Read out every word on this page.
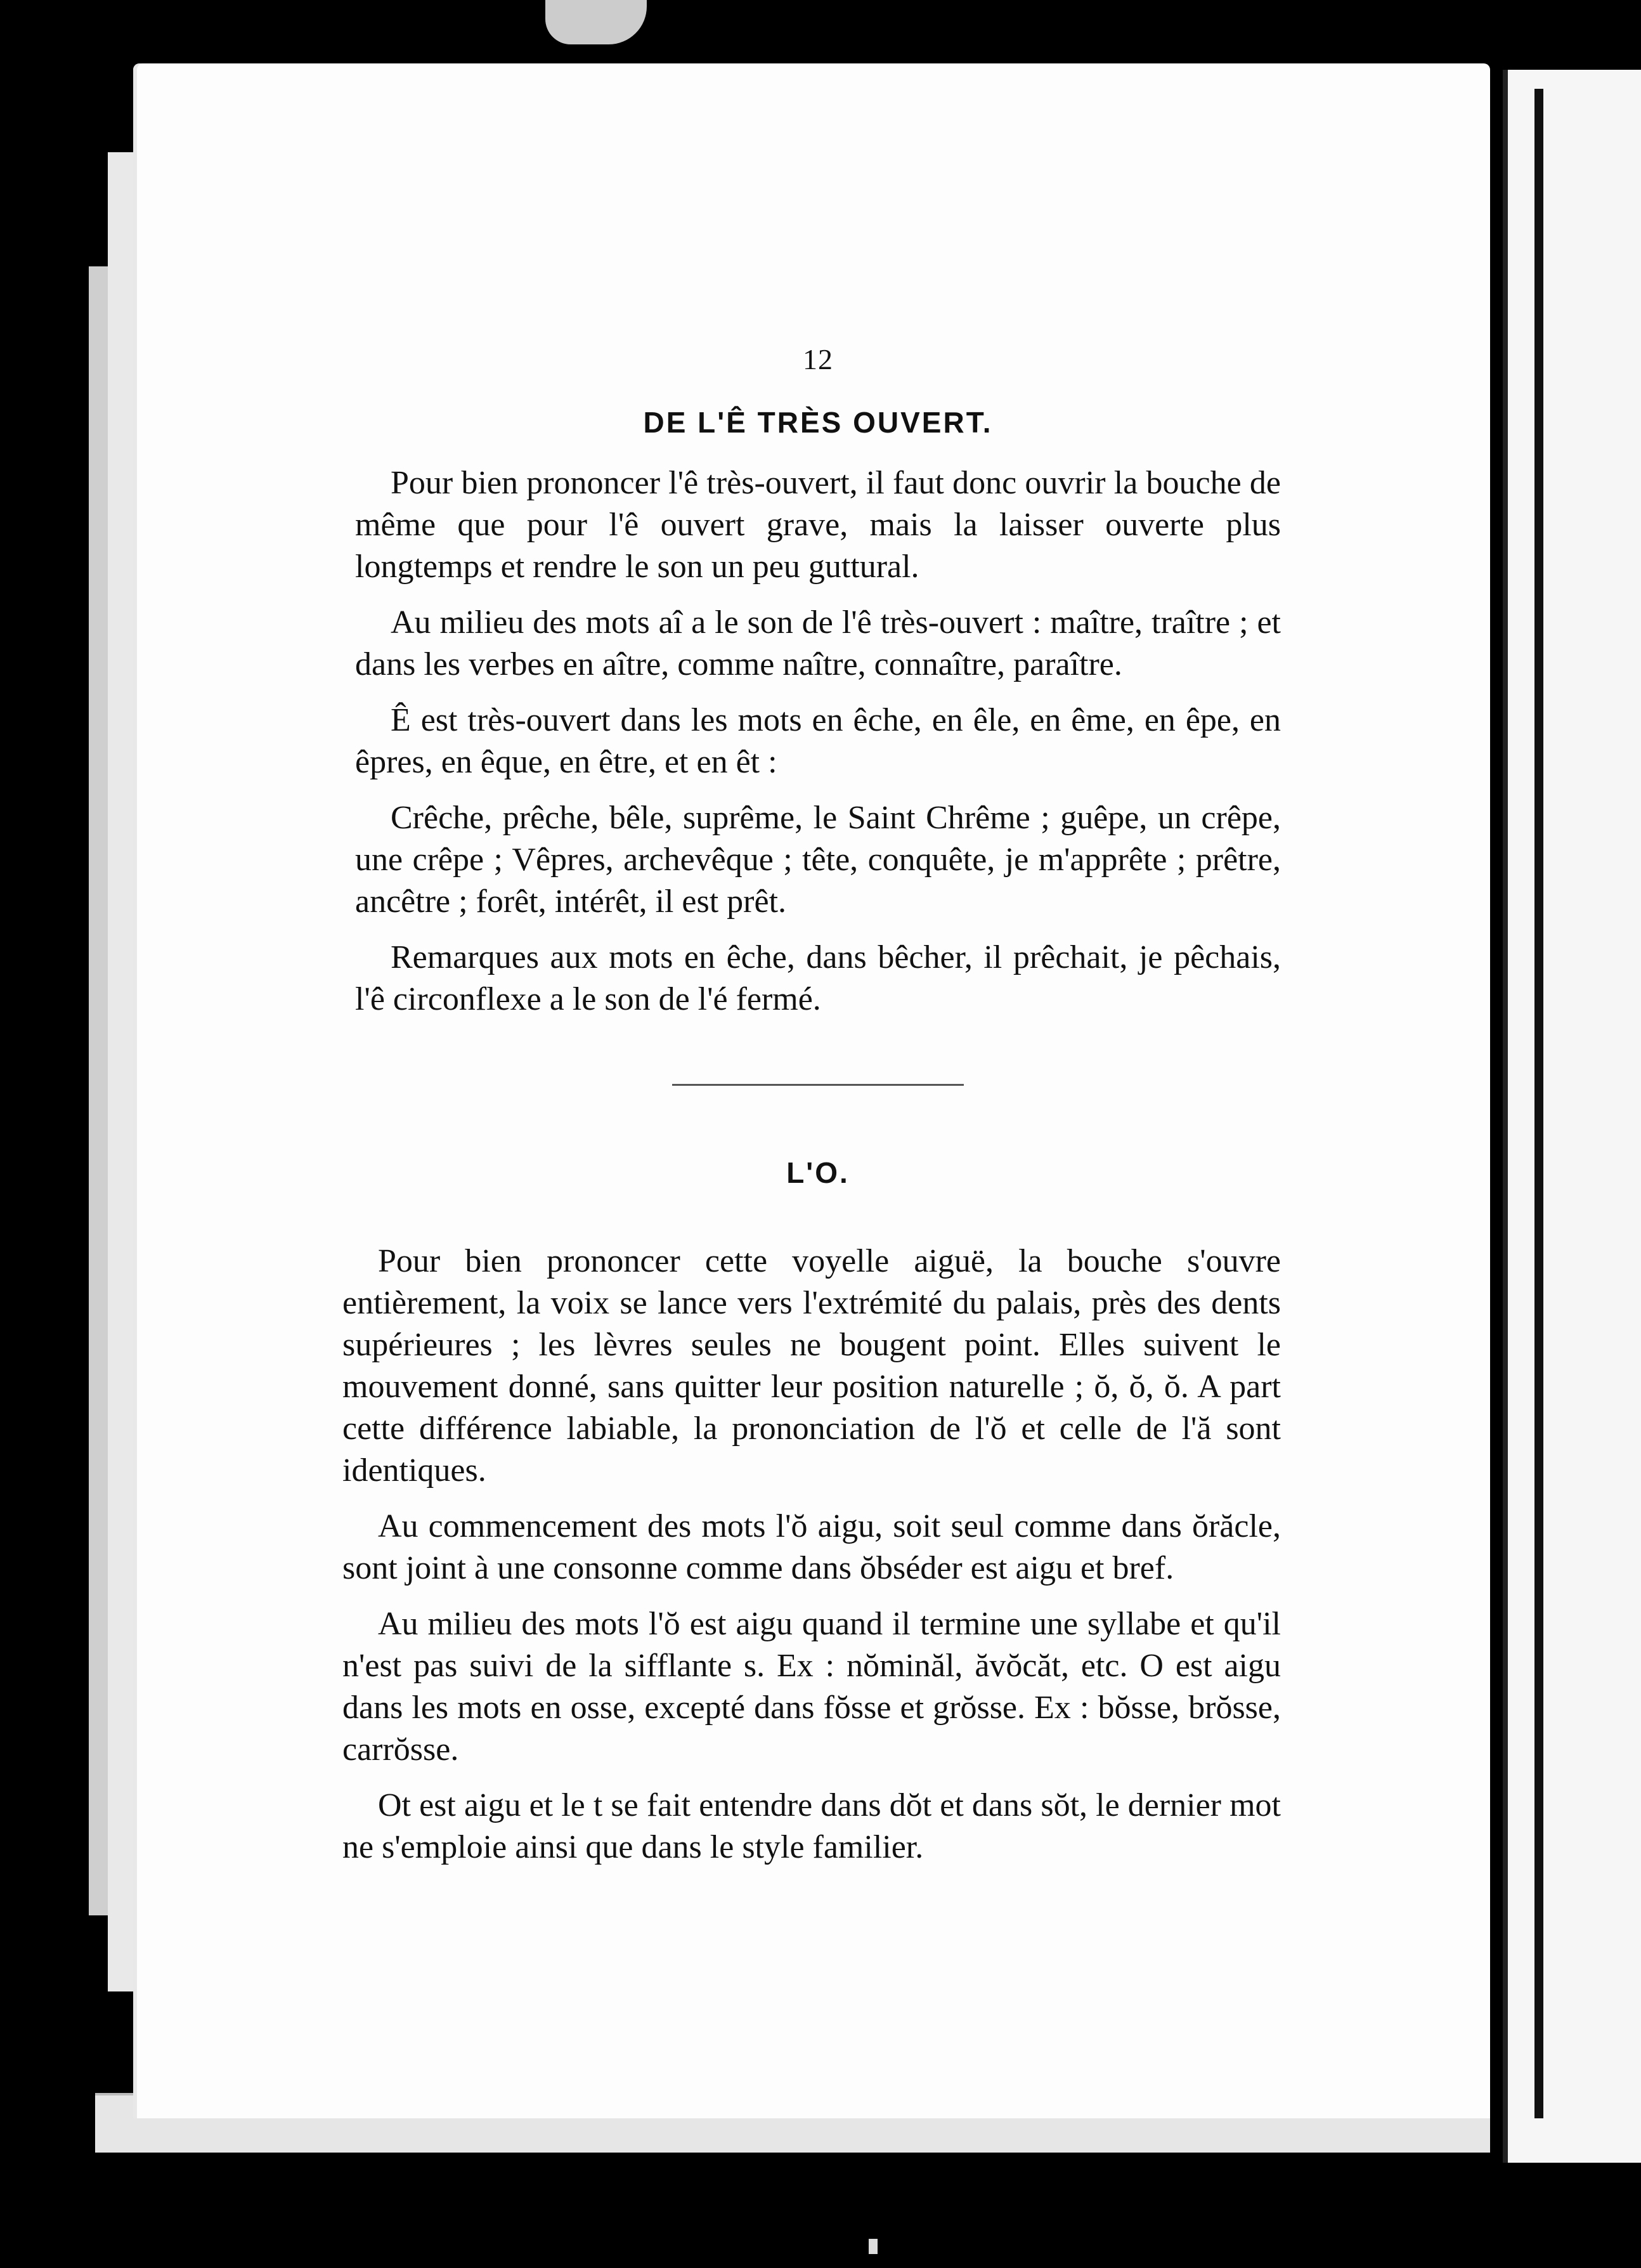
12
DE L'Ê TRÈS OUVERT.

Pour bien prononcer l'ê très-ouvert, il faut donc ouvrir la bouche de même que pour l'ê ouvert grave, mais la laisser ouverte plus longtemps et rendre le son un peu guttural.

Au milieu des mots aî a le son de l'ê très-ouvert : maître, traître ; et dans les verbes en aître, comme naître, connaître, paraître.

Ê est très-ouvert dans les mots en êche, en êle, en ême, en êpe, en êpres, en êque, en être, et en êt :

Crêche, prêche, bêle, suprême, le Saint Chrême ; guêpe, un crêpe, une crêpe ; Vêpres, archevêque ; tête, conquête, je m'apprête ; prêtre, ancêtre ; forêt, intérêt, il est prêt.

Remarques aux mots en êche, dans bêcher, il prêchait, je pêchais, l'ê circonflexe a le son de l'é fermé.

L'O.

Pour bien prononcer cette voyelle aiguë, la bouche s'ouvre entièrement, la voix se lance vers l'extrémité du palais, près des dents supérieures ; les lèvres seules ne bougent point. Elles suivent le mouvement donné, sans quitter leur position naturelle ; ŏ, ŏ, ŏ. A part cette différence labiable, la prononciation de l'ŏ et celle de l'ă sont identiques.

Au commencement des mots l'ŏ aigu, soit seul comme dans ŏrăcle, sont joint à une consonne comme dans ŏbséder est aigu et bref.

Au milieu des mots l'ŏ est aigu quand il termine une syllabe et qu'il n'est pas suivi de la sifflante s. Ex : nŏminăl, ăvŏcăt, etc. O est aigu dans les mots en osse, excepté dans fŏsse et grŏsse. Ex : bŏsse, brŏsse, carrŏsse.

Ot est aigu et le t se fait entendre dans dŏt et dans sŏt, le dernier mot ne s'emploie ainsi que dans le style familier.
